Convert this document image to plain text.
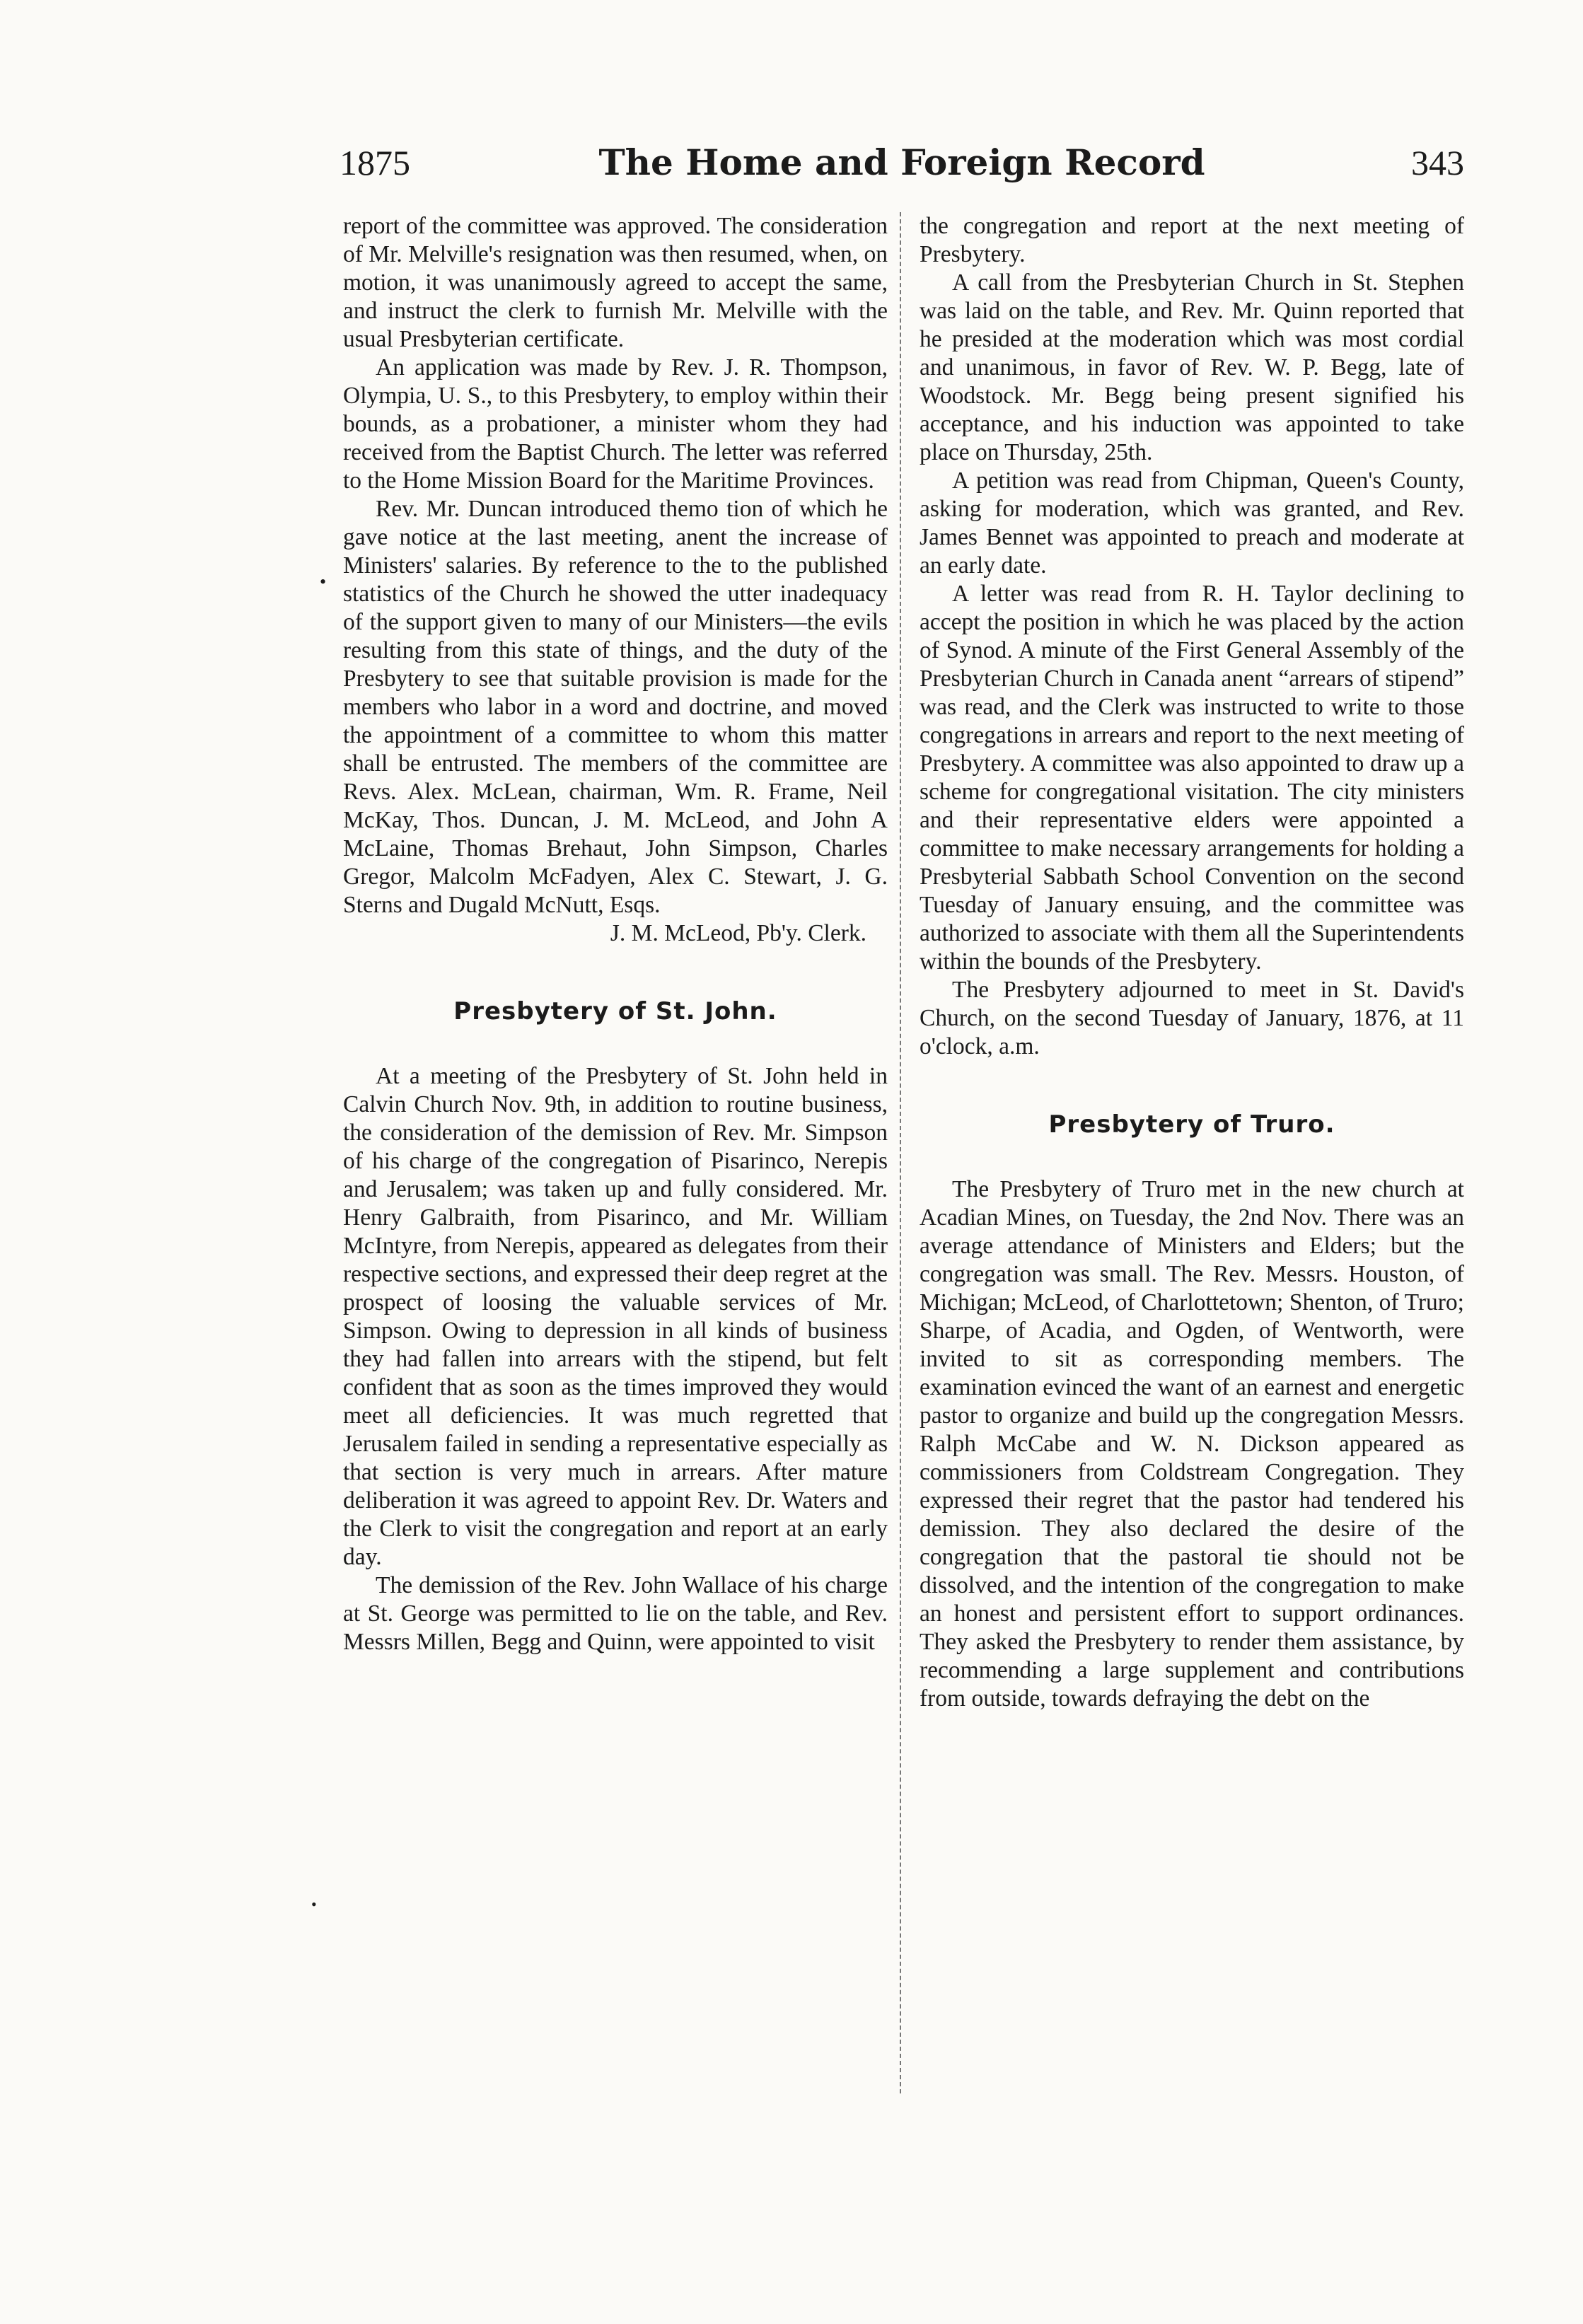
1875	The Home and Foreign Record	343
•
•

report of the committee was approved. The consideration of Mr. Melville's resignation was then resumed, when, on motion, it was unanimously agreed to accept the same, and instruct the clerk to furnish Mr. Melville with the usual Presbyterian certificate.

An application was made by Rev. J. R. Thompson, Olympia, U. S., to this Presbytery, to employ within their bounds, as a probationer, a minister whom they had received from the Baptist Church. The letter was referred to the Home Mission Board for the Maritime Provinces.

Rev. Mr. Duncan introduced themo tion of which he gave notice at the last meeting, anent the increase of Ministers' salaries. By reference to the to the published statistics of the Church he showed the utter inadequacy of the support given to many of our Ministers—the evils resulting from this state of things, and the duty of the Presbytery to see that suitable provision is made for the members who labor in a word and doctrine, and moved the appointment of a committee to whom this matter shall be entrusted. The members of the committee are Revs. Alex. McLean, chairman, Wm. R. Frame, Neil McKay, Thos. Duncan, J. M. McLeod, and John A McLaine, Thomas Brehaut, John Simpson, Charles Gregor, Malcolm McFadyen, Alex C. Stewart, J. G. Sterns and Dugald McNutt, Esqs.

J. M. McLeod, Pb'y. Clerk.

Presbytery of St. John.

At a meeting of the Presbytery of St. John held in Calvin Church Nov. 9th, in addition to routine business, the consideration of the demission of Rev. Mr. Simpson of his charge of the congregation of Pisarinco, Nerepis and Jerusalem; was taken up and fully considered. Mr. Henry Galbraith, from Pisarinco, and Mr. William McIntyre, from Nerepis, appeared as delegates from their respective sections, and expressed their deep regret at the prospect of loosing the valuable services of Mr. Simpson. Owing to depression in all kinds of business they had fallen into arrears with the stipend, but felt confident that as soon as the times improved they would meet all deficiencies. It was much regretted that Jerusalem failed in sending a representative especially as that section is very much in arrears. After mature deliberation it was agreed to appoint Rev. Dr. Waters and the Clerk to visit the congregation and report at an early day.

The demission of the Rev. John Wallace of his charge at St. George was permitted to lie on the table, and Rev. Messrs Millen, Begg and Quinn, were appointed to visit

the congregation and report at the next meeting of Presbytery.

A call from the Presbyterian Church in St. Stephen was laid on the table, and Rev. Mr. Quinn reported that he presided at the moderation which was most cordial and unanimous, in favor of Rev. W. P. Begg, late of Woodstock. Mr. Begg being present signified his acceptance, and his induction was appointed to take place on Thursday, 25th.

A petition was read from Chipman, Queen's County, asking for moderation, which was granted, and Rev. James Bennet was appointed to preach and moderate at an early date.

A letter was read from R. H. Taylor declining to accept the position in which he was placed by the action of Synod. A minute of the First General Assembly of the Presbyterian Church in Canada anent “arrears of stipend” was read, and the Clerk was instructed to write to those congregations in arrears and report to the next meeting of Presbytery. A committee was also appointed to draw up a scheme for congregational visitation. The city ministers and their representative elders were appointed a committee to make necessary arrangements for holding a Presbyterial Sabbath School Convention on the second Tuesday of January ensuing, and the committee was authorized to associate with them all the Superintendents within the bounds of the Presbytery.

The Presbytery adjourned to meet in St. David's Church, on the second Tuesday of January, 1876, at 11 o'clock, a.m.

Presbytery of Truro.

The Presbytery of Truro met in the new church at Acadian Mines, on Tuesday, the 2nd Nov. There was an average attendance of Ministers and Elders; but the congregation was small. The Rev. Messrs. Houston, of Michigan; McLeod, of Charlottetown; Shenton, of Truro; Sharpe, of Acadia, and Ogden, of Wentworth, were invited to sit as corresponding members. The examination evinced the want of an earnest and energetic pastor to organize and build up the congregation Messrs. Ralph McCabe and W. N. Dickson appeared as commissioners from Coldstream Congregation. They expressed their regret that the pastor had tendered his demission. They also declared the desire of the congregation that the pastoral tie should not be dissolved, and the intention of the congregation to make an honest and persistent effort to support ordinances. They asked the Presbytery to render them assistance, by recommending a large supplement and contributions from outside, towards defraying the debt on the
